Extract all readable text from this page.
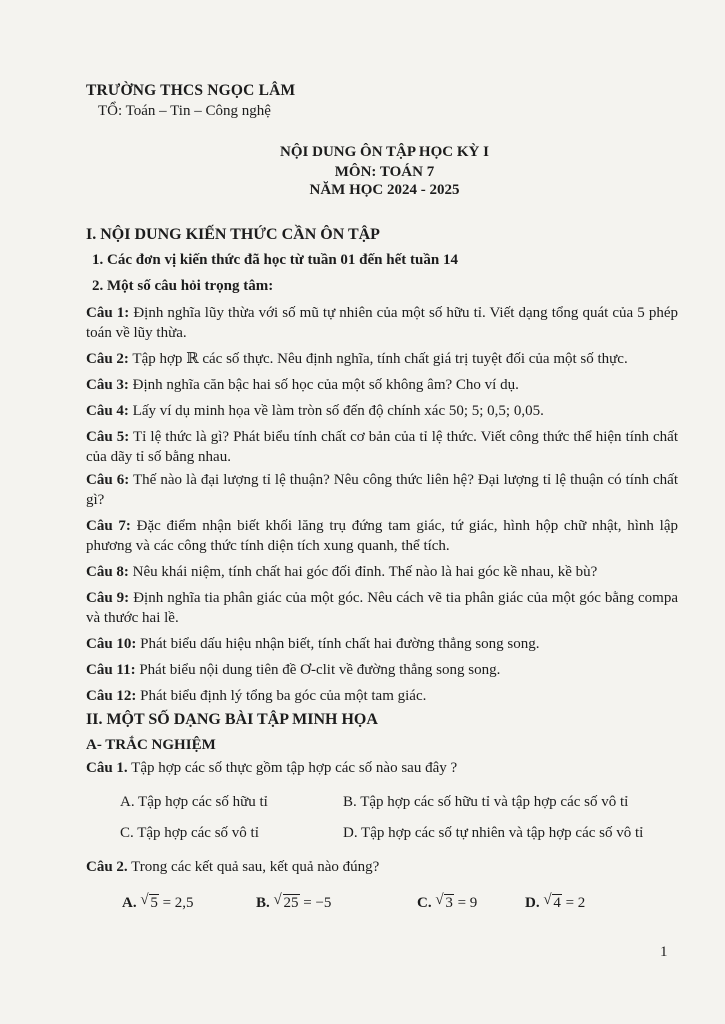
TRƯỜNG THCS NGỌC LÂM
TỔ: Toán – Tin – Công nghệ
NỘI DUNG ÔN TẬP HỌC KỲ I
MÔN: TOÁN 7
NĂM HỌC 2024 - 2025
I. NỘI DUNG KIẾN THỨC CẦN ÔN TẬP
1. Các đơn vị kiến thức đã học từ tuần 01 đến hết tuần 14
2. Một số câu hỏi trọng tâm:
Câu 1: Định nghĩa lũy thừa với số mũ tự nhiên của một số hữu tỉ. Viết dạng tổng quát của 5 phép toán về lũy thừa.
Câu 2: Tập hợp ℝ các số thực. Nêu định nghĩa, tính chất giá trị tuyệt đối của một số thực.
Câu 3: Định nghĩa căn bậc hai số học của một số không âm? Cho ví dụ.
Câu 4: Lấy ví dụ minh họa về làm tròn số đến độ chính xác 50; 5; 0,5; 0,05.
Câu 5: Tỉ lệ thức là gì? Phát biểu tính chất cơ bản của tỉ lệ thức. Viết công thức thể hiện tính chất của dãy tỉ số bằng nhau.
Câu 6: Thế nào là đại lượng tỉ lệ thuận? Nêu công thức liên hệ? Đại lượng tỉ lệ thuận có tính chất gì?
Câu 7: Đặc điểm nhận biết khối lăng trụ đứng tam giác, tứ giác, hình hộp chữ nhật, hình lập phương và các công thức tính diện tích xung quanh, thể tích.
Câu 8: Nêu khái niệm, tính chất hai góc đối đỉnh. Thế nào là hai góc kề nhau, kề bù?
Câu 9: Định nghĩa tia phân giác của một góc. Nêu cách vẽ tia phân giác của một góc bằng compa và thước hai lề.
Câu 10: Phát biểu dấu hiệu nhận biết, tính chất hai đường thẳng song song.
Câu 11: Phát biểu nội dung tiên đề Ơ-clit về đường thẳng song song.
Câu 12: Phát biểu định lý tổng ba góc của một tam giác.
II. MỘT SỐ DẠNG BÀI TẬP MINH HỌA
A- TRẮC NGHIỆM
Câu 1. Tập hợp các số thực gồm tập hợp các số nào sau đây ?
A. Tập hợp các số hữu tỉ	B. Tập hợp các số hữu tỉ và tập hợp các số vô tỉ
C. Tập hợp các số vô tỉ	D. Tập hợp các số tự nhiên và tập hợp các số vô tỉ
Câu 2. Trong các kết quả sau, kết quả nào đúng?
A. √ 5 = 2,5	B. √ 25 = −5	C. √ 3 = 9	D. √ 4 = 2
1
